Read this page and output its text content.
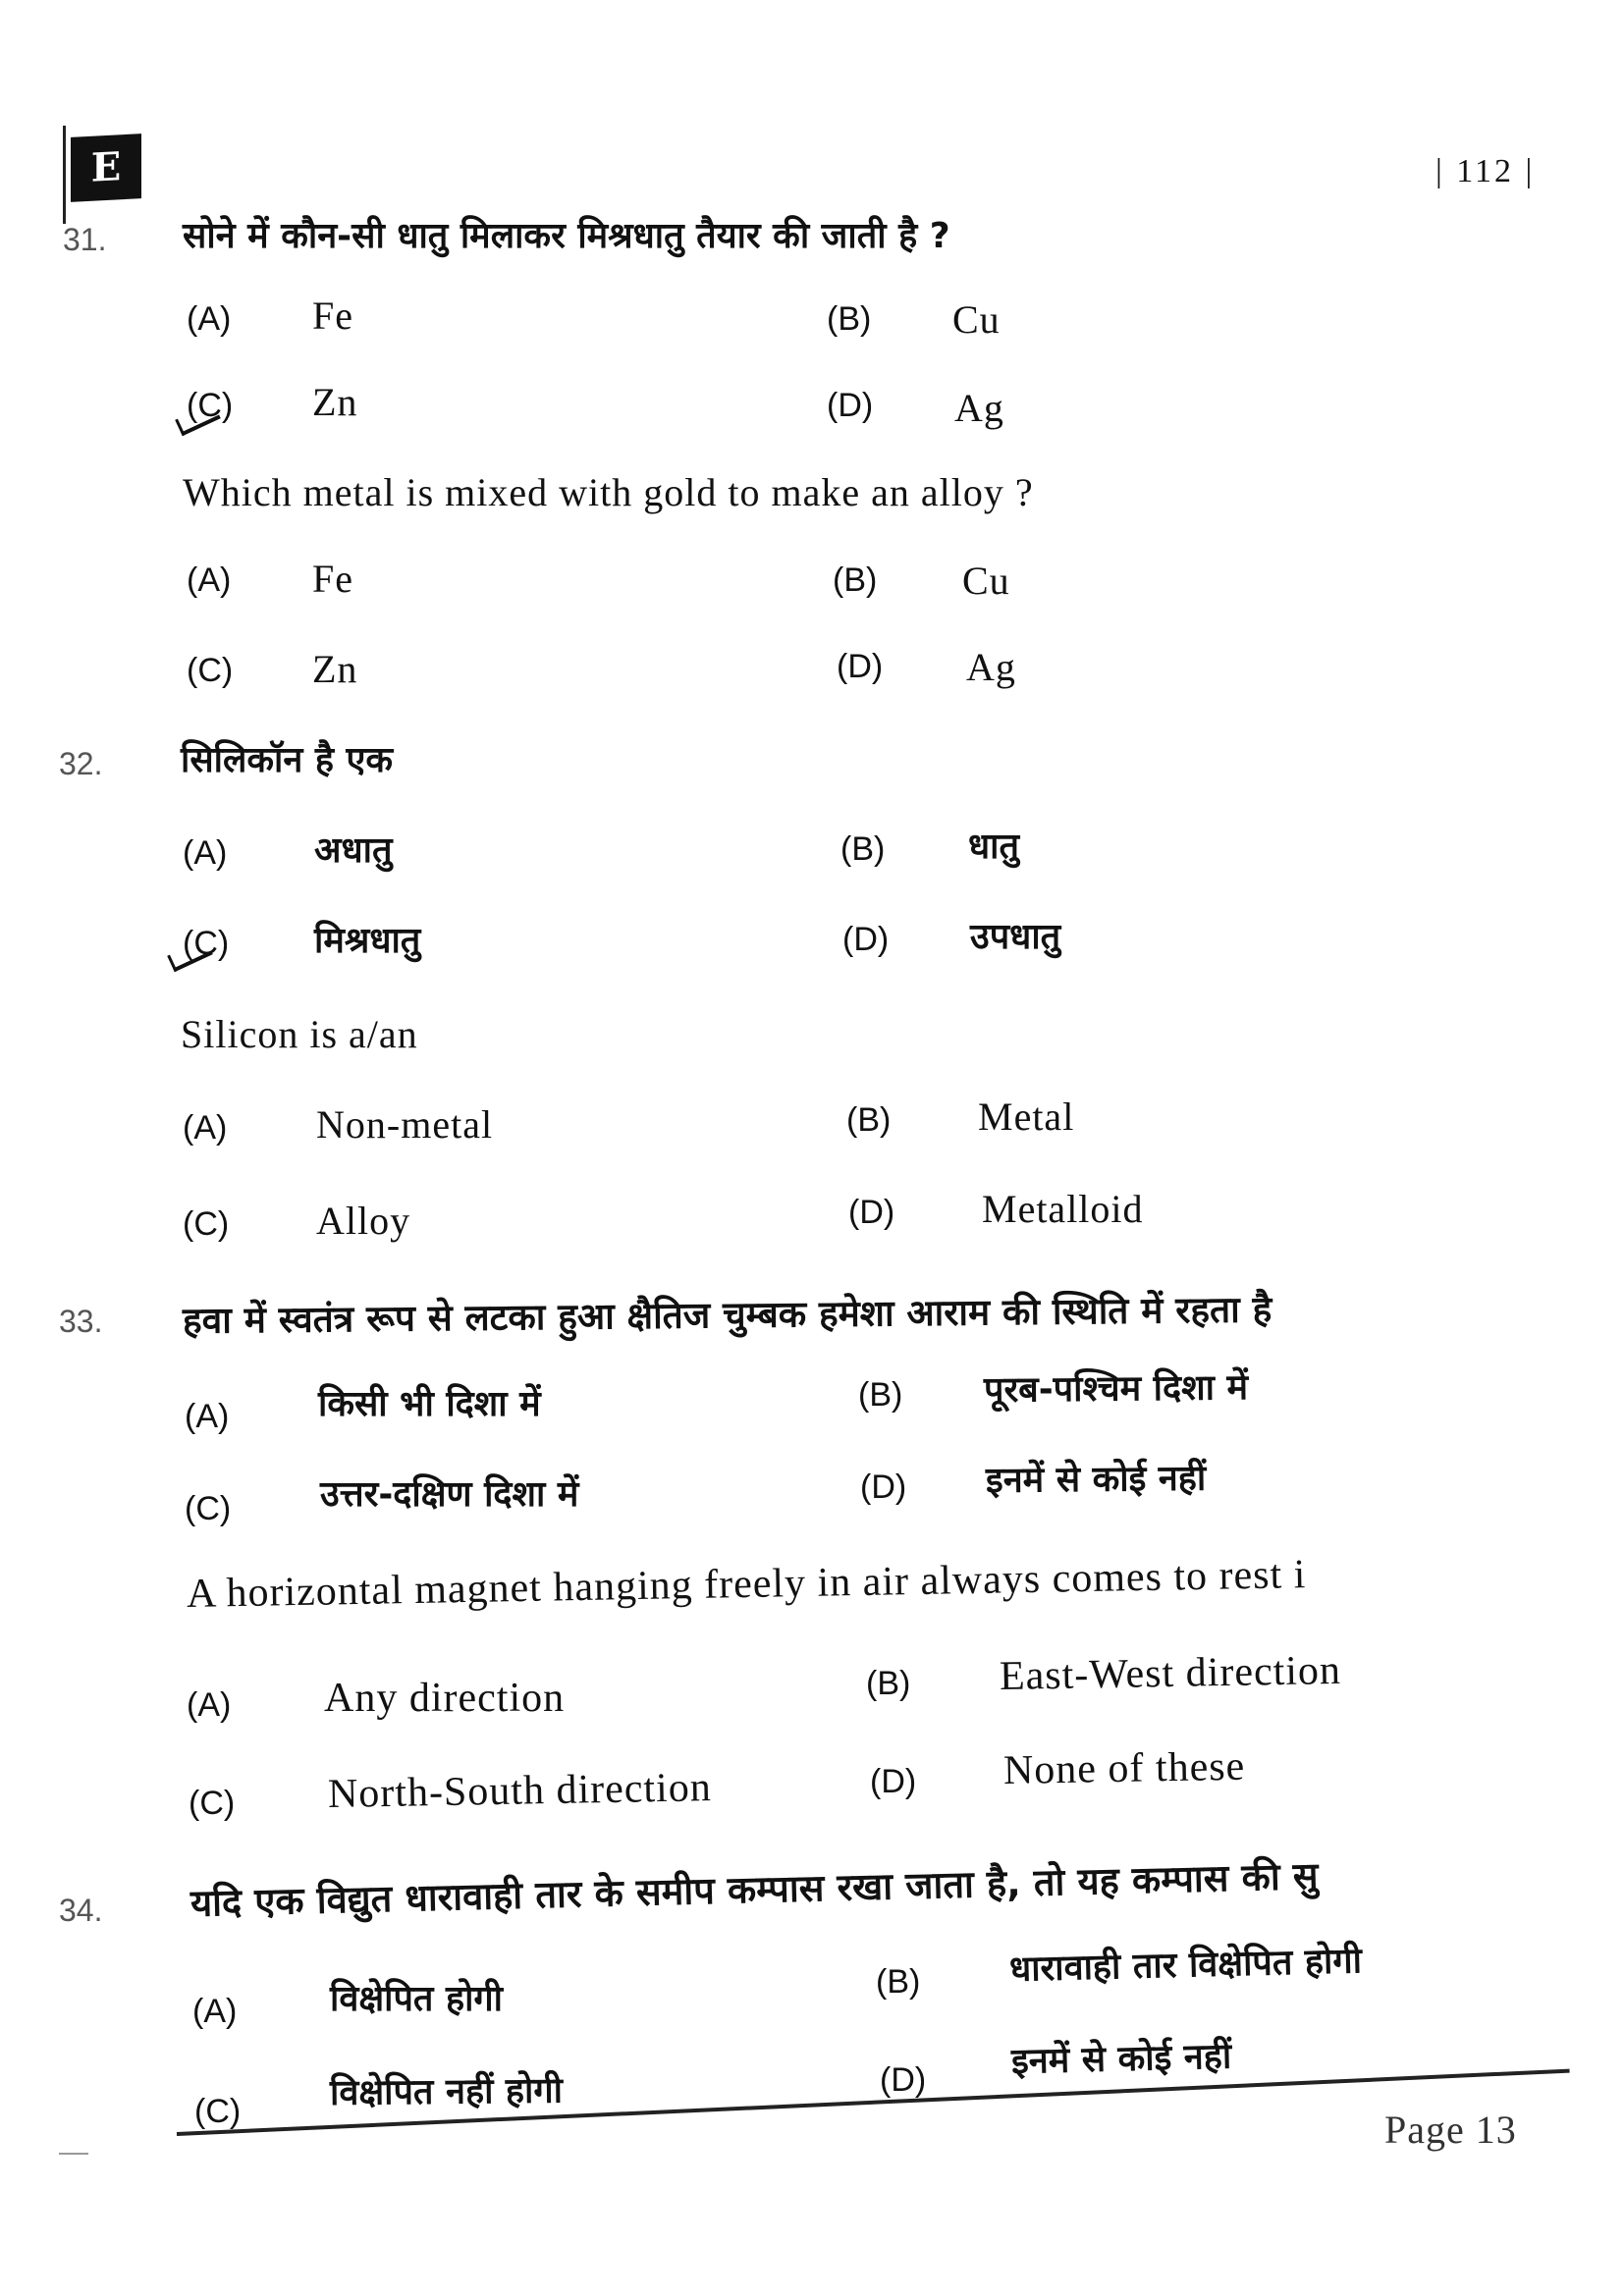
E	| 112 |
31. सोने में कौन-सी धातु मिलाकर मिश्रधातु तैयार की जाती है ?
(A) Fe	(B) Cu
(C) Zn	(D) Ag
Which metal is mixed with gold to make an alloy ?
(A) Fe	(B) Cu
(C) Zn	(D) Ag
32. सिलिकॉन है एक
(A) अधातु	(B) धातु
(C) मिश्रधातु	(D) उपधातु
Silicon is a/an
(A) Non-metal	(B) Metal
(C) Alloy	(D) Metalloid
33. हवा में स्वतंत्र रूप से लटका हुआ क्षैतिज चुम्बक हमेशा आराम की स्थिति में रहता है
(A)	किसी भी दिशा में	(B) पूरब-पश्चिम दिशा में
(C)	उत्तर-दक्षिण दिशा में	(D) इनमें से कोई नहीं
A horizontal magnet hanging freely in air always comes to rest i
(A) Any direction	(B) East-West direction
(C) North-South direction	(D) None of these
34. यदि एक विद्युत धारावाही तार के समीप कम्पास रखा जाता है, तो यह कम्पास की सु
(A)	विक्षेपित होगी	(B)	धारावाही तार विक्षेपित होगी
(C)	विक्षेपित नहीं होगी	(D) इनमें से कोई नहीं
Page 13
